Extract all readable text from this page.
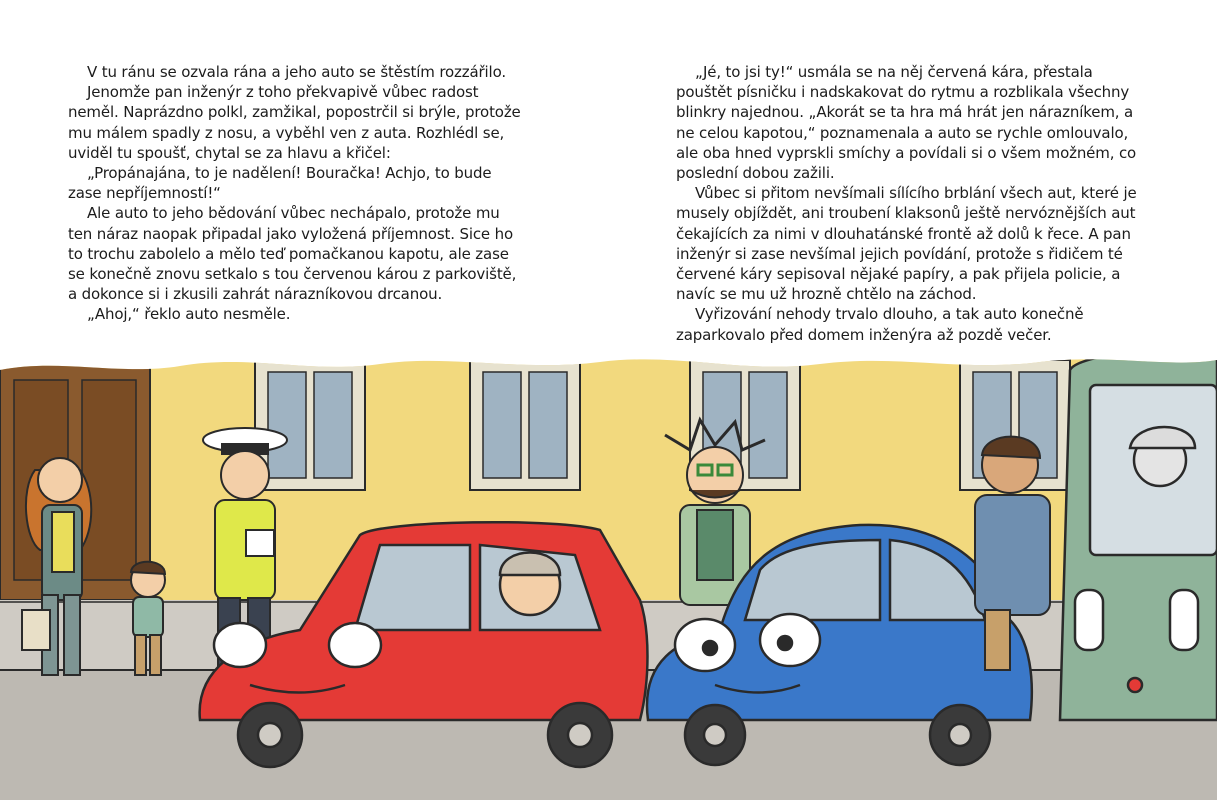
V tu ránu se ozvala rána a jeho auto se štěstím rozzářilo.

Jenomže pan inženýr z toho překvapivě vůbec radost neměl. Naprázdno polkl, zamžikal, popostrčil si brýle, protože mu málem spadly z nosu, a vyběhl ven z auta. Rozhlédl se, uviděl tu spoušť, chytal se za hlavu a křičel:

„Propánajána, to je nadělení! Bouračka! Achjo, to bude zase nepříjemností!“

Ale auto to jeho bědování vůbec nechápalo, protože mu ten náraz naopak připadal jako vyložená příjemnost. Sice ho to trochu zabolelo a mělo teď pomačkanou kapotu, ale zase se konečně znovu setkalo s tou červenou károu z parkoviště, a dokonce si i zkusili zahrát nárazníkovou drcanou.

„Ahoj,“ řeklo auto nesměle.

„Jé, to jsi ty!“ usmála se na něj červená kára, přestala pouštět písničku i nadskakovat do rytmu a rozblikala všechny blinkry najednou. „Akorát se ta hra má hrát jen nárazníkem, a ne celou kapotou,“ poznamenala a auto se rychle omlouvalo, ale oba hned vyprskli smíchy a povídali si o všem možném, co poslední dobou zažili.

Vůbec si přitom nevšímali sílícího brblání všech aut, které je musely objíždět, ani troubení klaksonů ještě nervóznějších aut čekajících za nimi v dlouhatánské frontě až dolů k řece. A pan inženýr si zase nevšímal jejich povídání, protože s řidičem té červené káry sepisoval nějaké papíry, a pak přijela policie, a navíc se mu už hrozně chtělo na záchod.

Vyřizování nehody trvalo dlouho, a tak auto konečně zaparkovalo před domem inženýra až pozdě večer.
